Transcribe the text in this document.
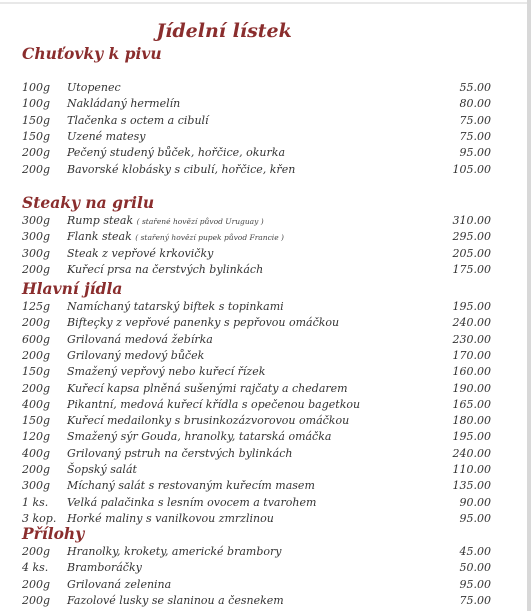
Jídelní lístek
Chuťovky k pivu
100g Utopenec	55.00
100g Nakládaný hermelín	80.00
150g Tlačenka s octem a cibulí	75.00
150g Uzené matesy	75.00
200g Pečený studený bůček, hořčice, okurka	95.00
200g Bavorské klobásky s cibulí, hořčice, křen	105.00
Steaky na grilu
300g Rump steak ( stařené hovězí původ Uruguay )	310.00
300g Flank steak ( stařený hovězí pupek původ Francie )	295.00
300g Steak z vepřové krkovičky	205.00
200g Kuřecí prsa na čerstvých bylinkách	175.00
Hlavní jídla
125g Namíchaný tatarský biftek s topinkami	195.00
200g Bifteçky z vepřové panenky s pepřovou omáčkou	240.00
600g Grilovaná medová žebírka	230.00
200g Grilovaný medový bůček	170.00
150g Smažený vepřový nebo kuřecí řízek	160.00
200g Kuřecí kapsa plněná sušenými rajčaty a chedarem	190.00
400g Pikantní, medová kuřecí křídla s opečenou bagetkou	165.00
150g Kuřecí medailonky s brusinkozázvorovou omáčkou	180.00
120g Smažený sýr Gouda, hranolky, tatarská omáčka	195.00
400g Grilovaný pstruh na čerstvých bylinkách	240.00
200g Šopský salát	110.00
300g Míchaný salát s restovaným kuřecím masem	135.00
1 ks. Velká palačinka s lesním ovocem a tvarohem	90.00
3 kop. Horké maliny s vanilkovou zmrzlinou	95.00
Přílohy
200g Hranolky, krokety, americké brambory	45.00
4 ks. Bramboráčky	50.00
200g Grilovaná zelenina	95.00
200g Fazolové lusky se slaninou a česnekem	75.00
